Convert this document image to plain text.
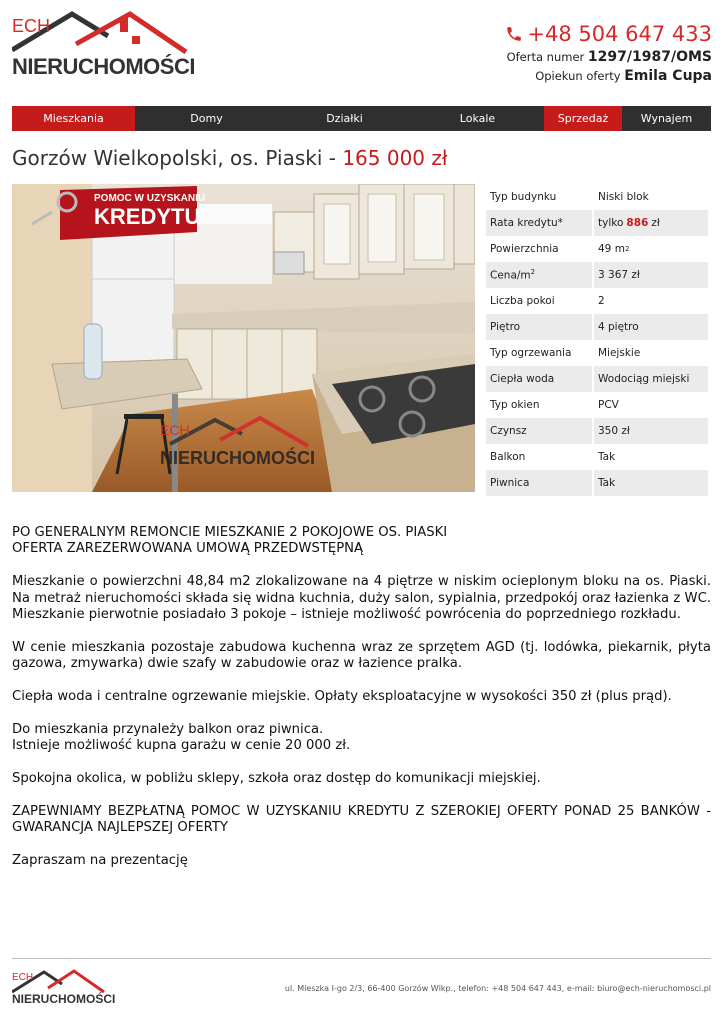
ECH
NIERUCHOMOŚCI
+48 504 647 433
Oferta numer 1297/1987/OMS
Opiekun oferty Emila Cupa
Mieszkania	Domy	Działki	Lokale	Sprzedaż	Wynajem
Gorzów Wielkopolski, os. Piaski - 165 000 zł
POMOC W UZYSKANIU
KREDYTU
ECH
NIERUCHOMOŚCI
Typ budynku	Niski blok
Rata kredytu*	tylko 886 zł
Powierzchnia	49 m 2
Cena/$m^2$	3 367 zł
Liczba pokoi	2
Piętro	4 piętro
Typ ogrzewania	Miejskie
Ciepła woda	Wodociąg miejski
Typ okien	PCV
Czynsz	350 zł
Balkon	Tak
Piwnica	Tak

PO GENERALNYM REMONCIE MIESZKANIE 2 POKOJOWE OS. PIASKI
OFERTA ZAREZERWOWANA UMOWĄ PRZEDWSTĘPNĄ

Mieszkanie o powierzchni 48,84 m2 zlokalizowane na 4 piętrze w niskim ocieplonym bloku na os. Piaski. Na metraż nieruchomości składa się widna kuchnia, duży salon, sypialnia, przedpokój oraz łazienka z WC. Mieszkanie pierwotnie posiadało 3 pokoje – istnieje możliwość powrócenia do poprzedniego rozkładu.

W cenie mieszkania pozostaje zabudowa kuchenna wraz ze sprzętem AGD (tj. lodówka, piekarnik, płyta gazowa, zmywarka) dwie szafy w zabudowie oraz w łazience pralka.

Ciepła woda i centralne ogrzewanie miejskie. Opłaty eksploatacyjne w wysokości 350 zł (plus prąd).

Do mieszkania przynależy balkon oraz piwnica.
Istnieje możliwość kupna garażu w cenie 20 000 zł.

Spokojna okolica, w pobliżu sklepy, szkoła oraz dostęp do komunikacji miejskiej.

ZAPEWNIAMY BEZPŁATNĄ POMOC W UZYSKANIU KREDYTU Z SZEROKIEJ OFERTY PONAD 25 BANKÓW - GWARANCJA NAJLEPSZEJ OFERTY

Zapraszam na prezentację

ECH
NIERUCHOMOŚCI
ul. Mieszka I-go 2/3, 66-400 Gorzów Wlkp., telefon: +48 504 647 443, e-mail: biuro@ech-nieruchomosci.pl
